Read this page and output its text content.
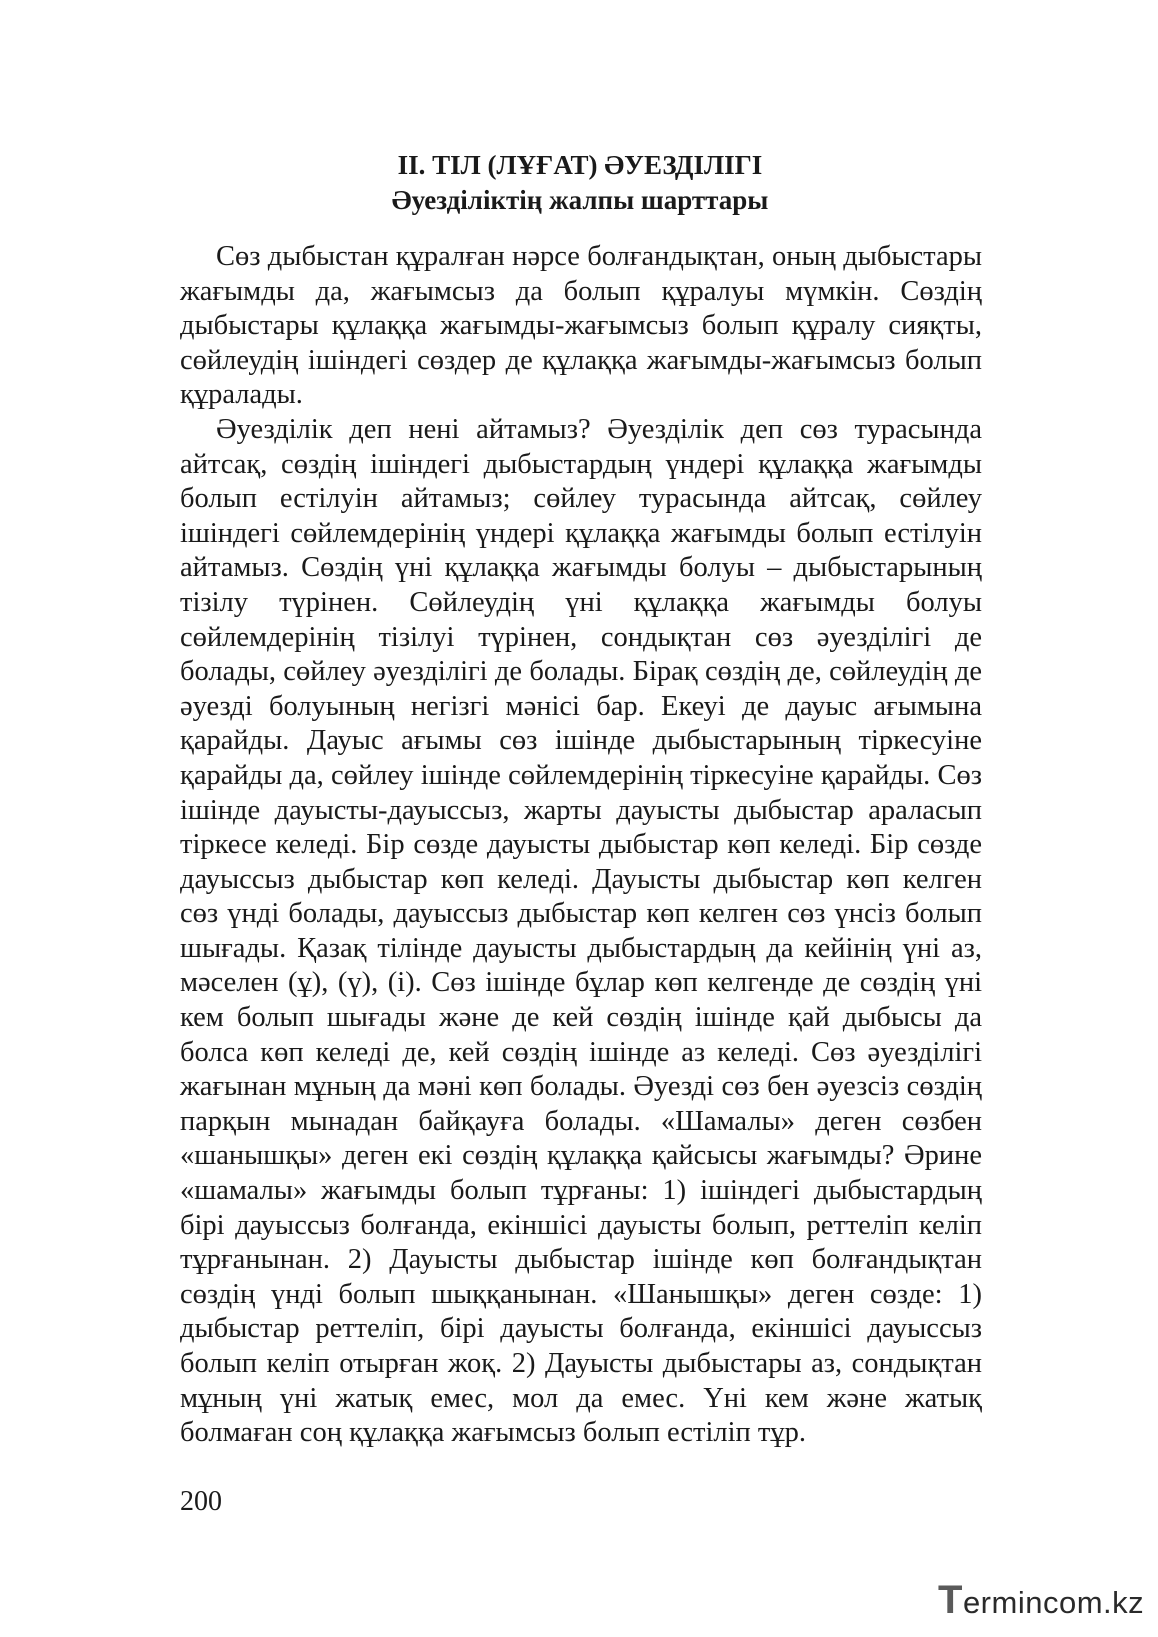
II. ТІЛ (ЛҰҒАТ) ӘУЕЗДІЛІГІ
Әуезділіктің жалпы шарттары

Сөз дыбыстан құралған нәрсе болғандықтан, оның дыбыстары жағымды да, жағымсыз да болып құралуы мүмкін. Сөздің дыбыстары құлаққа жағымды-жағымсыз болып құралу сияқты, сөйлеудің ішіндегі сөздер де құлаққа жағымды-жағымсыз болып құралады.

Әуезділік деп нені айтамыз? Әуезділік деп сөз турасында айтсақ, сөздің ішіндегі дыбыстардың үндері құлаққа жағымды болып естілуін айтамыз; сөйлеу турасында айтсақ, сөйлеу ішіндегі сөйлемдерінің үндері құлаққа жағымды болып естілуін айтамыз. Сөздің үні құлаққа жағымды болуы – дыбыстарының тізілу түрінен. Сөйлеудің үні құлаққа жағымды болуы сөйлемдерінің тізілуі түрінен, сондықтан сөз әуезділігі де болады, сөйлеу әуезділігі де болады. Бірақ сөздің де, сөйлеудің де әуезді болуының негізгі мәнісі бар. Екеуі де дауыс ағымына қарайды. Дауыс ағымы сөз ішінде дыбыстарының тіркесуіне қарайды да, сөйлеу ішінде сөйлемдерінің тіркесуіне қарайды. Сөз ішінде дауысты-дауыссыз, жарты дауысты дыбыстар араласып тіркесе келеді. Бір сөзде дауысты дыбыстар көп келеді. Бір сөзде дауыссыз дыбыстар көп келеді. Дауысты дыбыстар көп келген сөз үнді болады, дауыссыз дыбыстар көп келген сөз үнсіз болып шығады. Қазақ тілінде дауысты дыбыстардың да кейінің үні аз, мәселен (ұ), (ү), (і). Сөз ішінде бұлар көп келгенде де сөздің үні кем болып шығады және де кей сөздің ішінде қай дыбысы да болса көп келеді де, кей сөздің ішінде аз келеді. Сөз әуезділігі жағынан мұның да мәні көп болады. Әуезді сөз бен әуезсіз сөздің парқын мынадан байқауға болады. «Шамалы» деген сөзбен «шанышқы» деген екі сөздің құлаққа қайсысы жағымды? Әрине «шамалы» жағымды болып тұрғаны: 1) ішіндегі дыбыстардың бірі дауыссыз болғанда, екіншісі дауысты болып, реттеліп келіп тұрғанынан. 2) Дауысты дыбыстар ішінде көп болғандықтан сөздің үнді болып шыққанынан. «Шанышқы» деген сөзде: 1) дыбыстар реттеліп, бірі дауысты болғанда, екіншісі дауыссыз болып келіп отырған жоқ. 2) Дауысты дыбыстары аз, сондықтан мұның үні жатық емес, мол да емес. Үні кем және жатық болмаған соң құлаққа жағымсыз болып естіліп тұр.

200
Termincom.kz
